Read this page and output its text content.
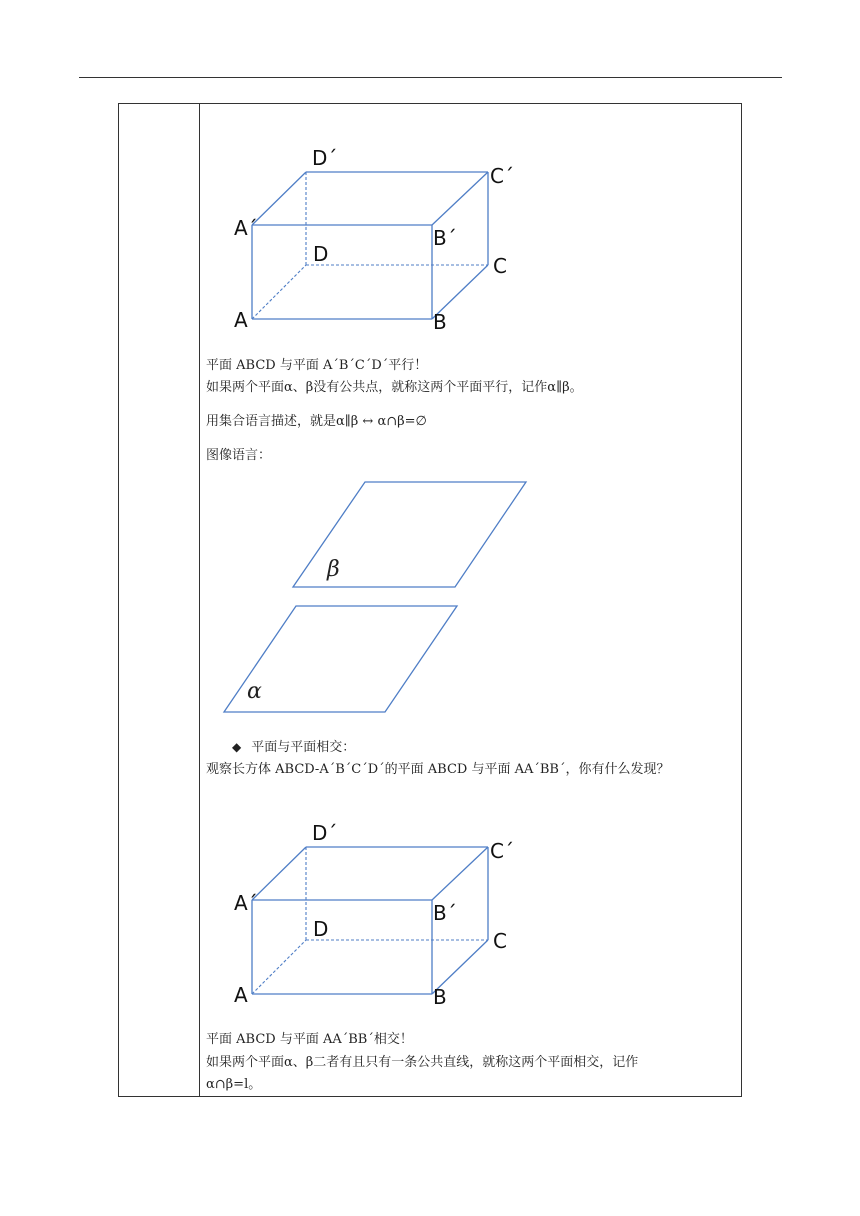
D´
C´
A´	B´
D	C
A	B
平面 ABCD 与平面 A´B´C´D´平行！
如果两个平面α、β没有公共点，就称这两个平面平行，记作α∥β。
用集合语言描述，就是α∥β ↔ α∩β=∅
图像语言：
β
α
◆ 平面与平面相交：
观察长方体 ABCD-A´B´C´D´的平面 ABCD 与平面 AA´BB´，你有什么发现？
D´
C´
A´	B´
D	C
A	B
平面 ABCD 与平面 AA´BB´相交！
如果两个平面α、β二者有且只有一条公共直线，就称这两个平面相交，记作
α∩β=l。
